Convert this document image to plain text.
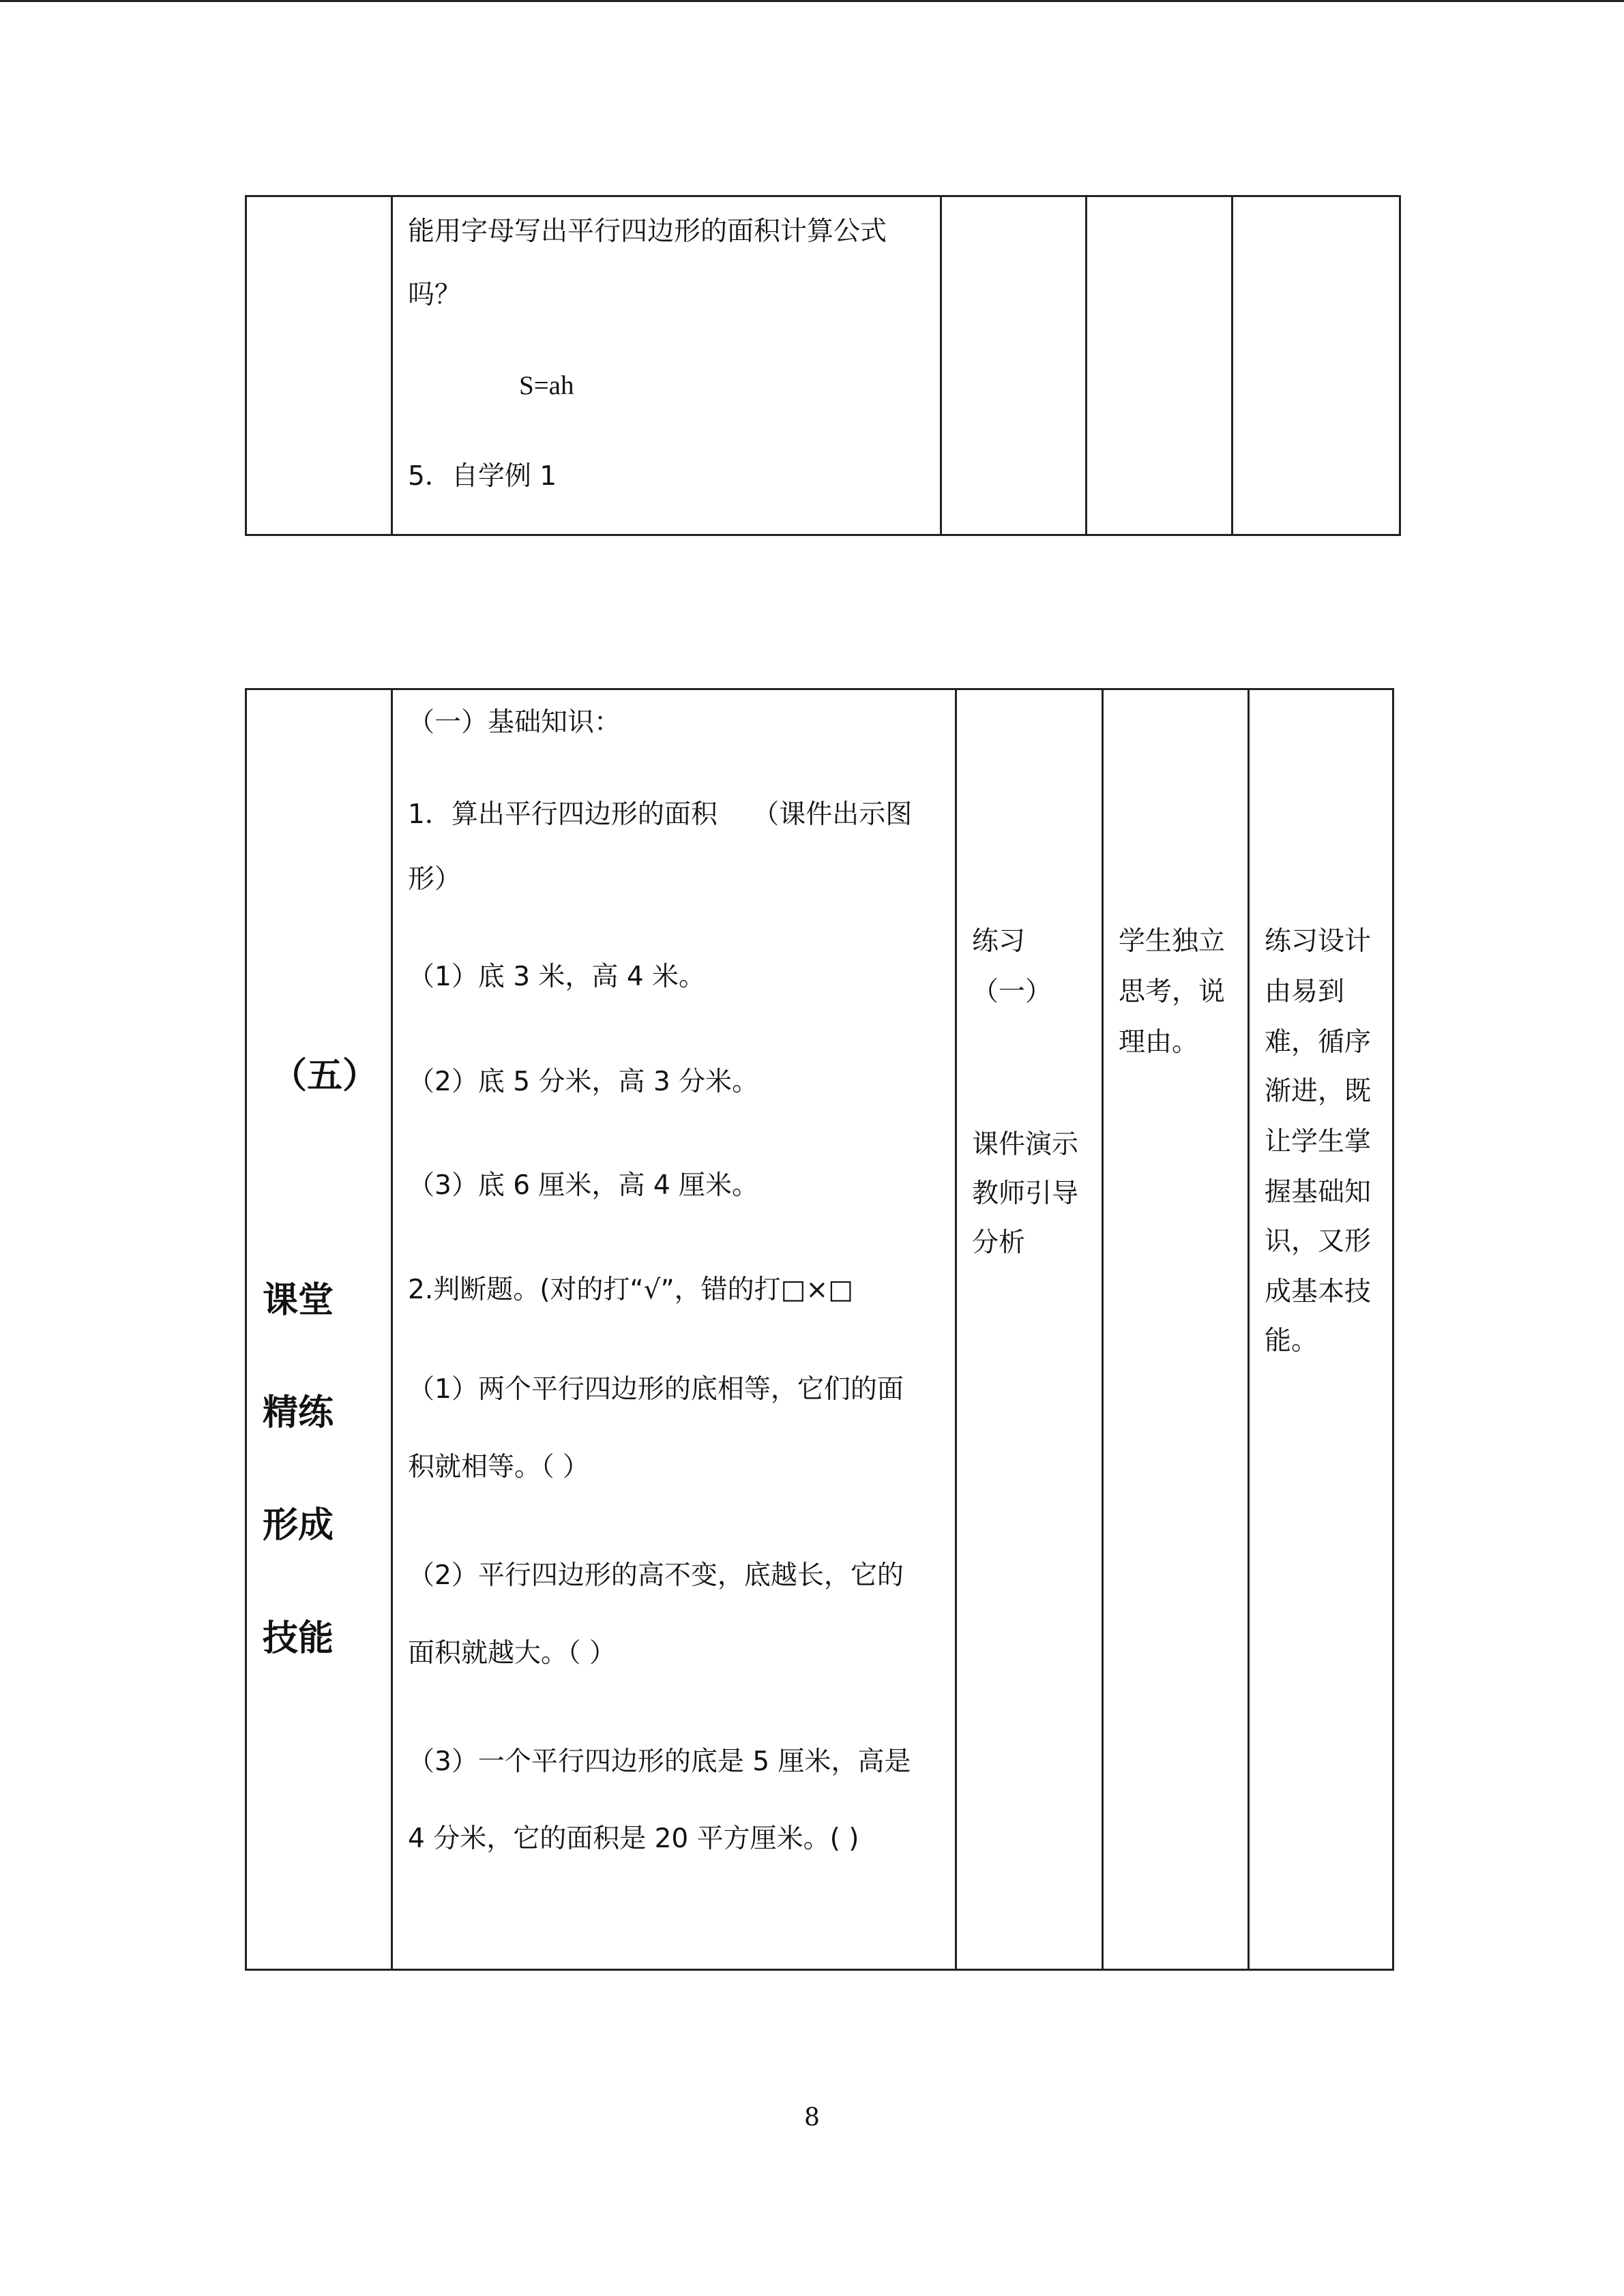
能用字母写出平行四边形的面积计算公式
吗？
S=ah
5．自学例 1
（五）
课堂
精练
形成
技能
（一）基础知识：
1．算出平行四边形的面积　 （课件出示图
形）
（1）底 3 米，高 4 米。
（2）底 5 分米，高 3 分米。
（3）底 6 厘米，高 4 厘米。
2.判断题。(对的打“√”，错的打□×□
（1）两个平行四边形的底相等，它们的面
积就相等。（ ）
（2）平行四边形的高不变，底越长，它的
面积就越大。（ ）
（3）一个平行四边形的底是 5 厘米，高是
4 分米，它的面积是 20 平方厘米。( )
练习
（一）
课件演示
教师引导
分析
学生独立
思考，说
理由。
练习设计
由易到
难，循序
渐进，既
让学生掌
握基础知
识，又形
成基本技
能。
8
